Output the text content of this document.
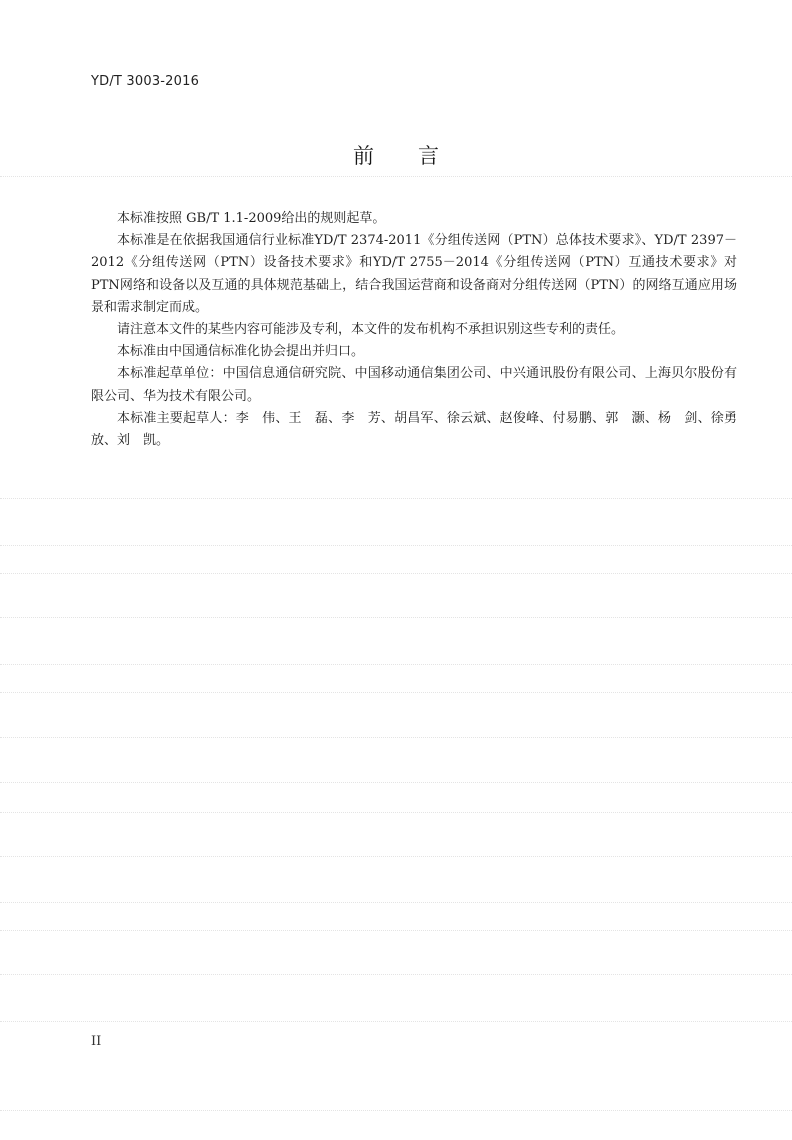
YD/T 3003-2016
前 言

本标准按照 GB/T 1.1-2009给出的规则起草。

本标准是在依据我国通信行业标准YD/T 2374-2011《分组传送网（PTN）总体技术要求》、YD/T 2397－2012《分组传送网（PTN）设备技术要求》和YD/T 2755－2014《分组传送网（PTN）互通技术要求》对PTN网络和设备以及互通的具体规范基础上，结合我国运营商和设备商对分组传送网（PTN）的网络互通应用场景和需求制定而成。

请注意本文件的某些内容可能涉及专利，本文件的发布机构不承担识别这些专利的责任。

本标准由中国通信标准化协会提出并归口。

本标准起草单位：中国信息通信研究院、中国移动通信集团公司、中兴通讯股份有限公司、上海贝尔股份有限公司、华为技术有限公司。

本标准主要起草人：李　伟、王　磊、李　芳、胡昌军、徐云斌、赵俊峰、付易鹏、郭　灏、杨　剑、徐勇放、刘　凯。

II
